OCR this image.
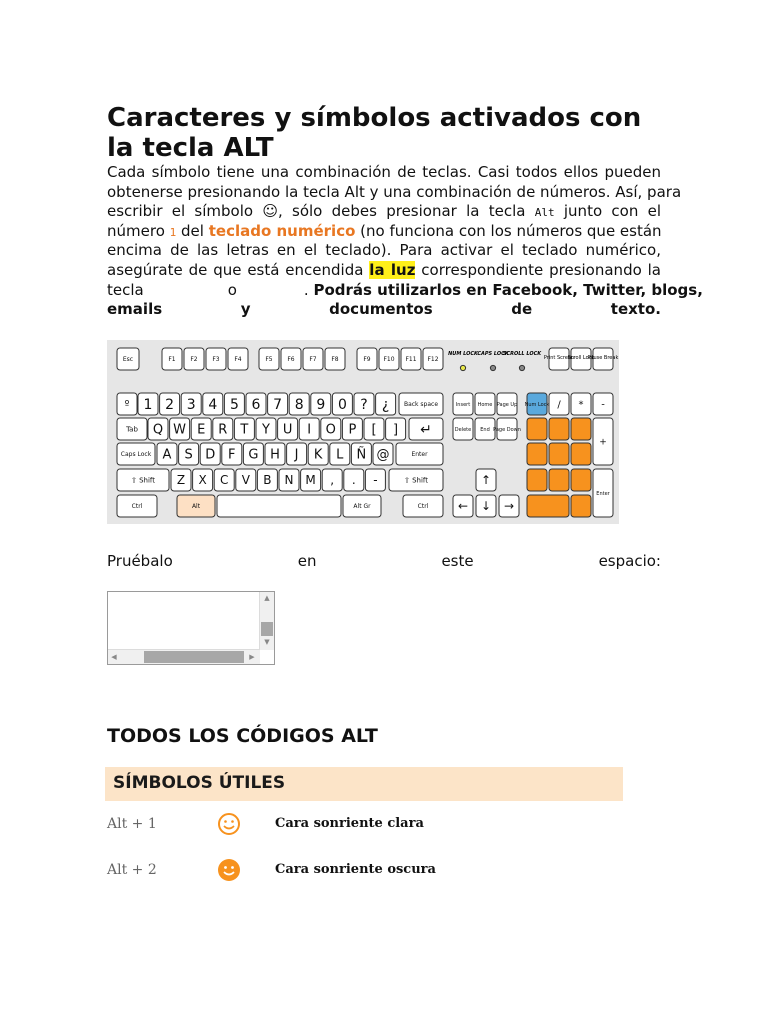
Caracteres y símbolos activados con la tecla ALT
Cada símbolo tiene una combinación de teclas. Casi todos ellos pueden
obtenerse presionando la tecla Alt y una combinación de números. Así, para
escribir el símbolo ☺, sólo debes presionar la tecla Alt junto con el
número 1 del teclado numérico (no funciona con los números que están
encima de las letras en el teclado). Para activar el teclado numérico,
asegúrate de que está encendida la luz correspondiente presionando la
tecla	o	. Podrás utilizarlos en Facebook, Twitter, blogs,
emails	y	documentos	de	texto.
Esc	F1 F2 F3 F4	F5 F6 F7 F8	F9 F10 F11 F12
NUM LOCK CAPS LOCK
SCROLL LOCK
Print Screen
Scroll Lock
Pause Break
º 1 2 3 4 5 6 7 8 9 0 ? ¿ Back space
Tab Q W E R T Y U I O P [ ] ↵
Caps Lock A S D F G H J K L Ñ @	Enter
⇧ Shift Z X C V B N M , . -	⇧ Shift
Ctrl	Alt	Alt Gr	Ctrl
Insert Home Page Up
Delete End Page Down
↑
← ↓ →
Num Lock / * -
+
Enter
Pruébalo	en	este	espacio:
▲
▼
◀	▶
TODOS LOS CÓDIGOS ALT
SÍMBOLOS ÚTILES
Alt + 1	Cara sonriente clara
Alt + 2	Cara sonriente oscura
